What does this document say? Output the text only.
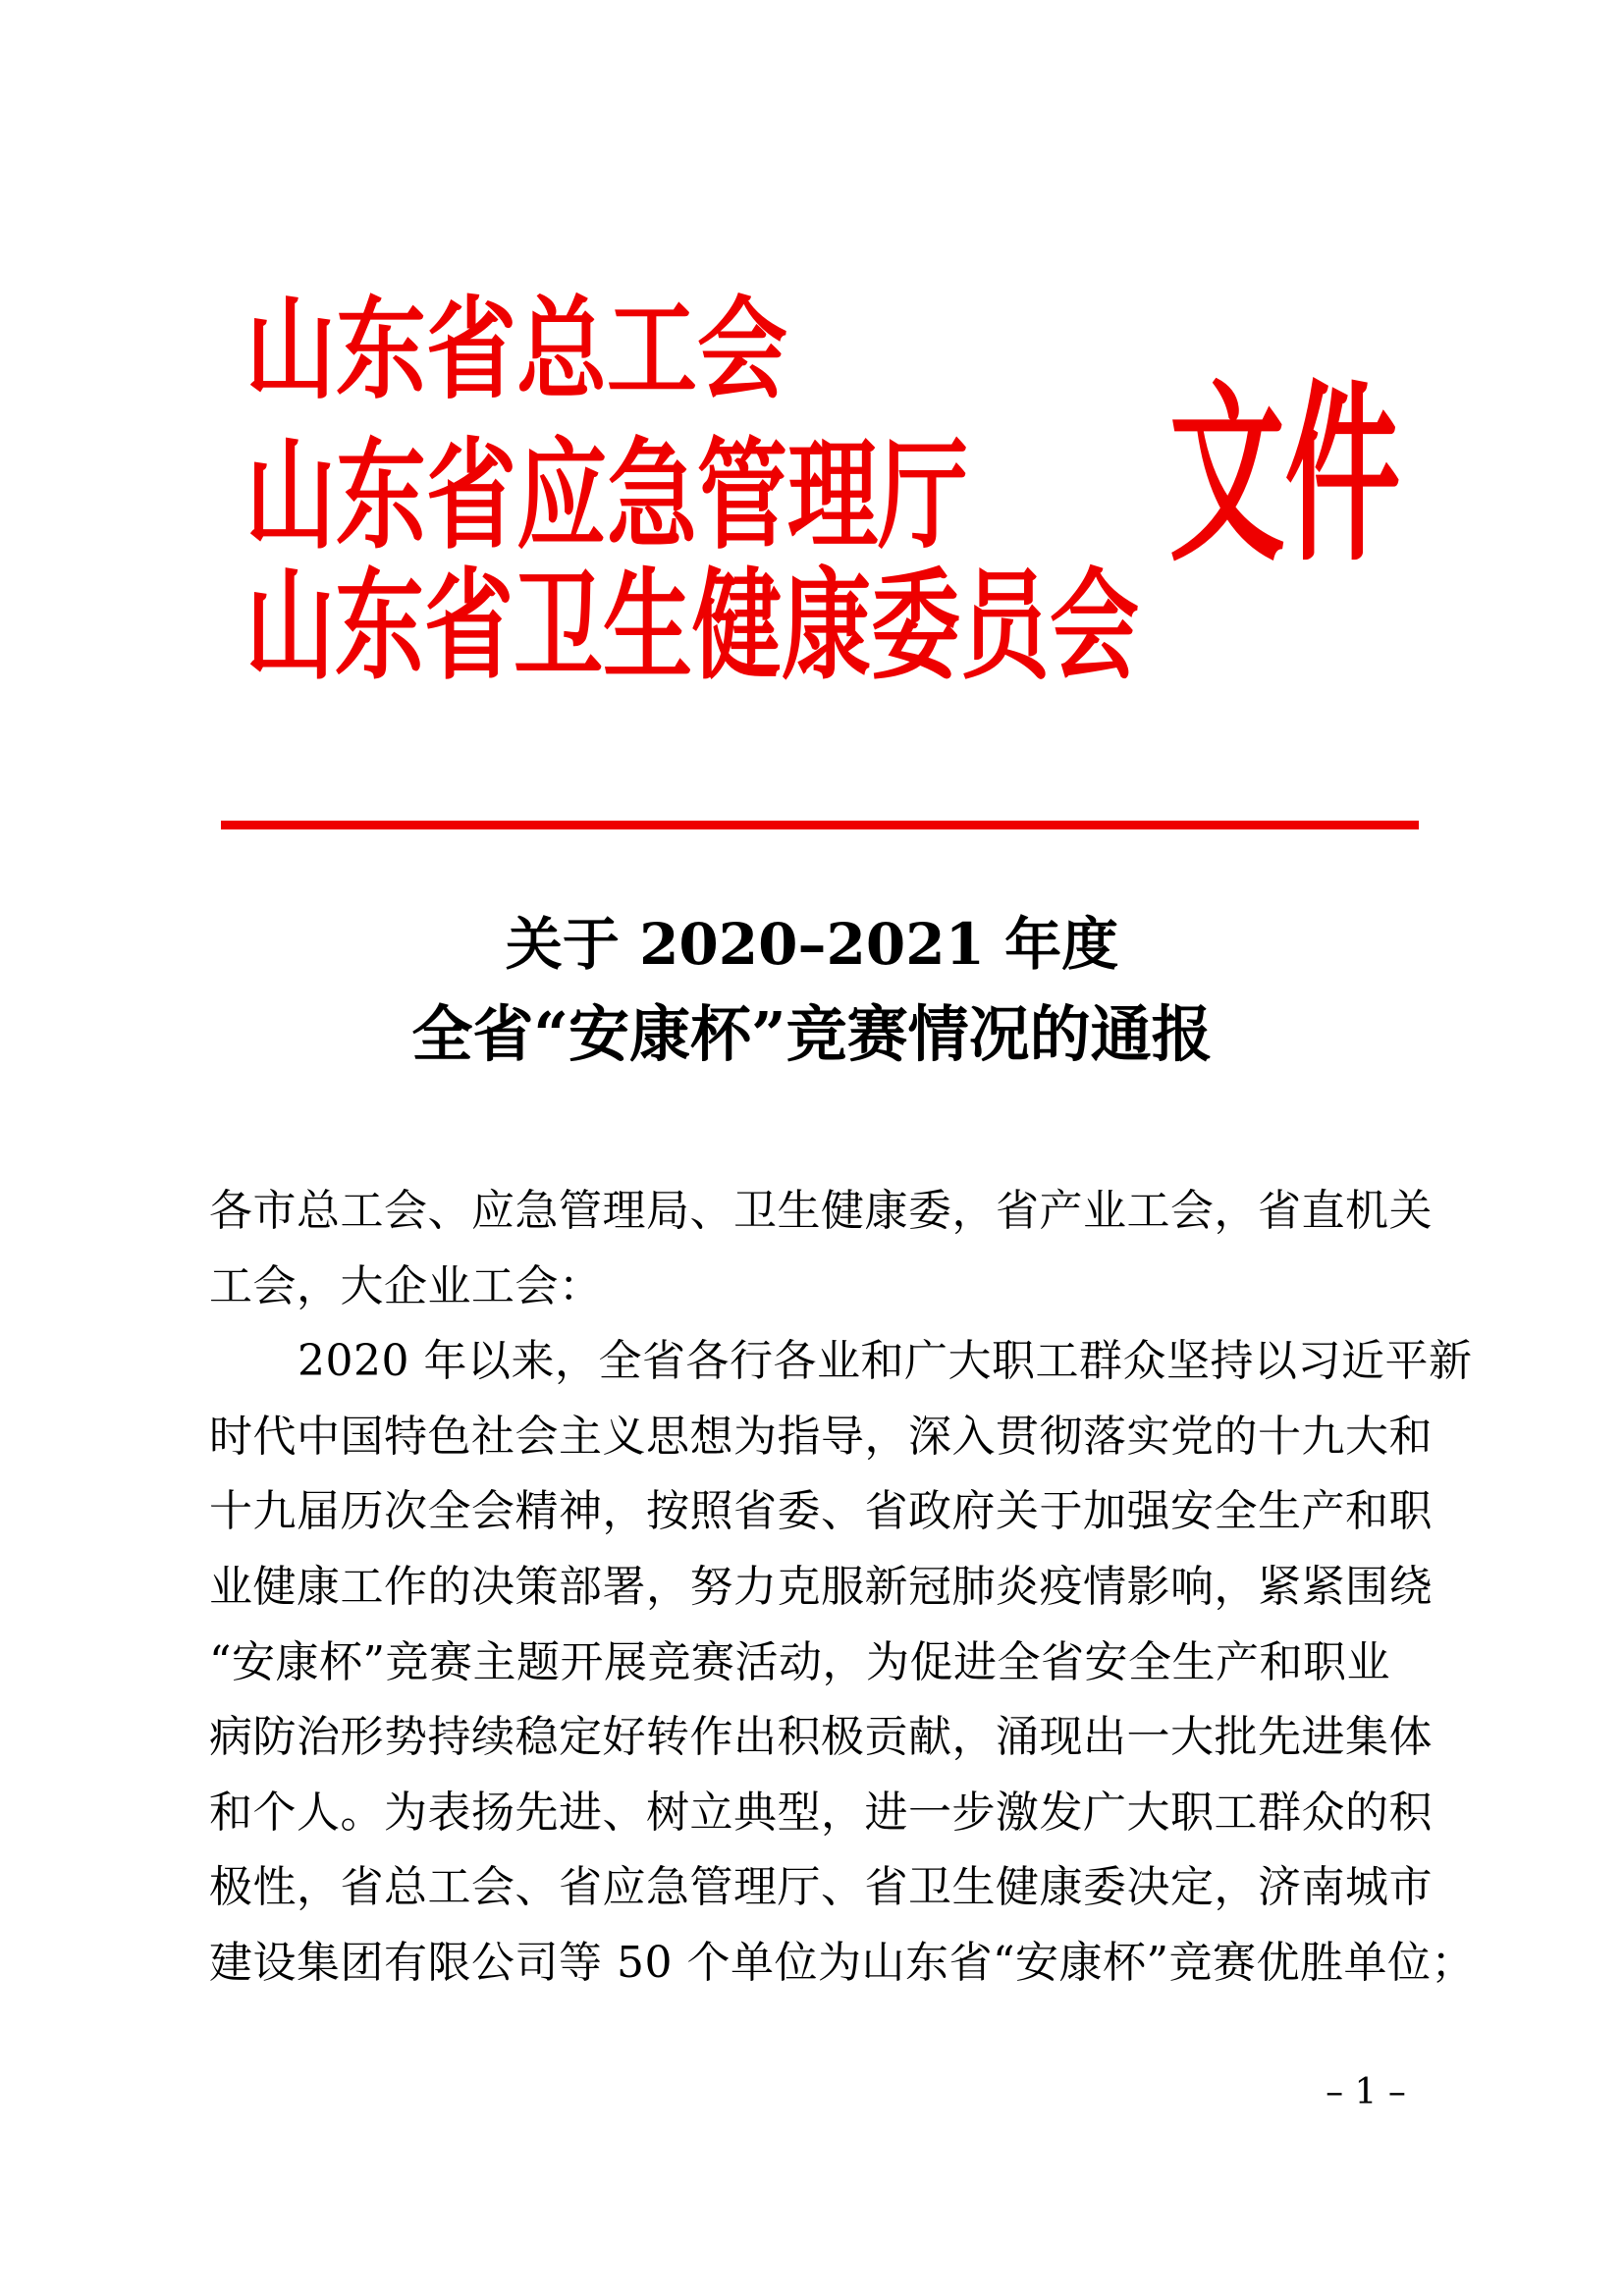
山东省总工会
山东省应急管理厅
山东省卫生健康委员会
文件
关于 2020–2021 年度
全省“安康杯”竞赛情况的通报
各市总工会、应急管理局、卫生健康委，省产业工会，省直机关
工会，大企业工会：
2020 年以来，全省各行各业和广大职工群众坚持以习近平新
时代中国特色社会主义思想为指导，深入贯彻落实党的十九大和
十九届历次全会精神，按照省委、省政府关于加强安全生产和职
业健康工作的决策部署，努力克服新冠肺炎疫情影响，紧紧围绕
“安康杯”竞赛主题开展竞赛活动，为促进全省安全生产和职业
病防治形势持续稳定好转作出积极贡献，涌现出一大批先进集体
和个人。为表扬先进、树立典型，进一步激发广大职工群众的积
极性，省总工会、省应急管理厅、省卫生健康委决定，济南城市
建设集团有限公司等 50 个单位为山东省“安康杯”竞赛优胜单位；
– 1 –
